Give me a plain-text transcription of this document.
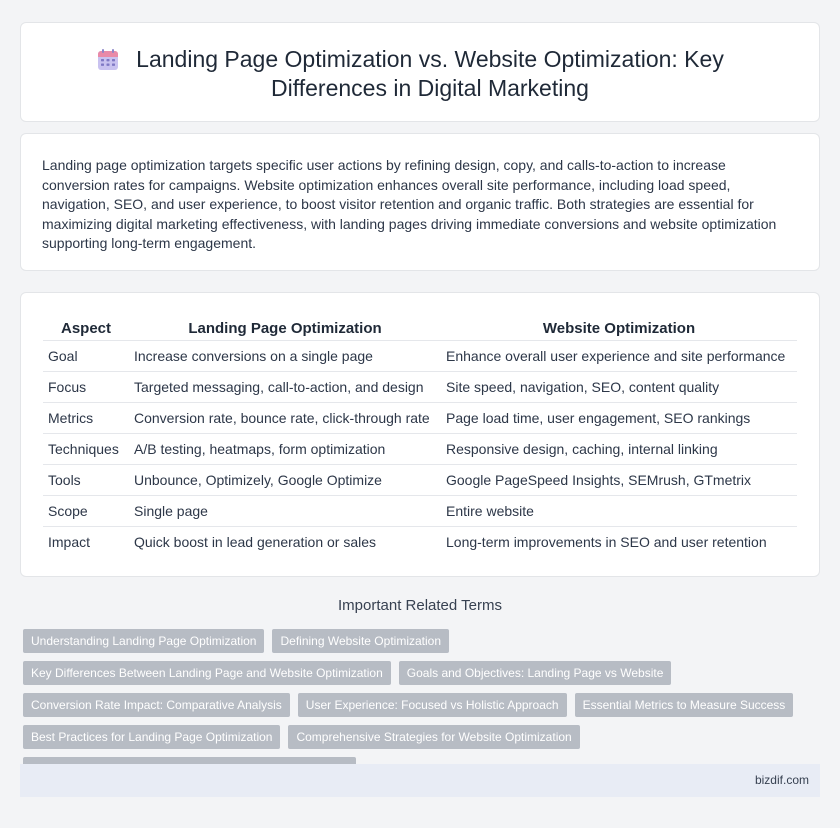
Landing Page Optimization vs. Website Optimization: Key Differences in Digital Marketing

Landing page optimization targets specific user actions by refining design, copy, and calls-to-action to increase conversion rates for campaigns. Website optimization enhances overall site performance, including load speed, navigation, SEO, and user experience, to boost visitor retention and organic traffic. Both strategies are essential for maximizing digital marketing effectiveness, with landing pages driving immediate conversions and website optimization supporting long-term engagement.

Aspect	Landing Page Optimization	Website Optimization
Goal	Increase conversions on a single page	Enhance overall user experience and site performance
Focus	Targeted messaging, call-to-action, and design	Site speed, navigation, SEO, content quality
Metrics	Conversion rate, bounce rate, click-through rate	Page load time, user engagement, SEO rankings
Techniques	A/B testing, heatmaps, form optimization	Responsive design, caching, internal linking
Tools	Unbounce, Optimizely, Google Optimize	Google PageSpeed Insights, SEMrush, GTmetrix
Scope	Single page	Entire website
Impact	Quick boost in lead generation or sales	Long-term improvements in SEO and user retention
Important Related Terms
Understanding Landing Page Optimization	Defining Website Optimization
Key Differences Between Landing Page and Website Optimization	Goals and Objectives: Landing Page vs Website
Conversion Rate Impact: Comparative Analysis	User Experience: Focused vs Holistic Approach	Essential Metrics to Measure Success
Best Practices for Landing Page Optimization	Comprehensive Strategies for Website Optimization
bizdif.com
